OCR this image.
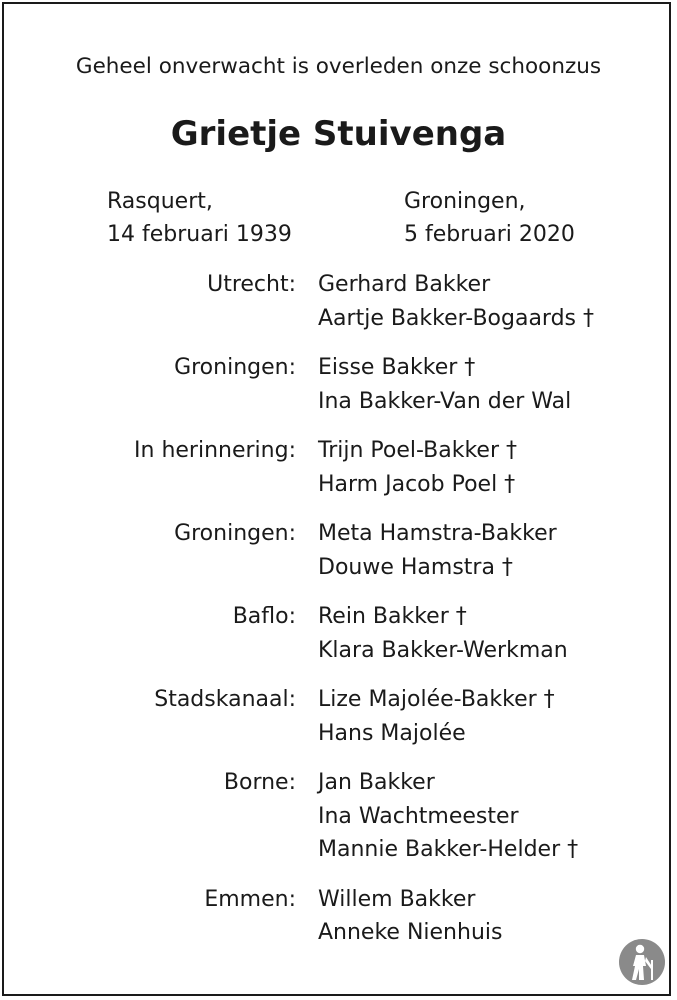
Geheel onverwacht is overleden onze schoonzus
Grietje Stuivenga
Rasquert,
14 februari 1939
Groningen,
5 februari 2020
Utrecht: Gerhard Bakker
Aartje Bakker-Bogaards †
Groningen: Eisse Bakker †
Ina Bakker-Van der Wal
In herinnering: Trijn Poel-Bakker †
Harm Jacob Poel †
Groningen: Meta Hamstra-Bakker
Douwe Hamstra †
Baflo: Rein Bakker †
Klara Bakker-Werkman
Stadskanaal: Lize Majolée-Bakker †
Hans Majolée
Borne: Jan Bakker
Ina Wachtmeester
Mannie Bakker-Helder †
Emmen: Willem Bakker
Anneke Nienhuis
